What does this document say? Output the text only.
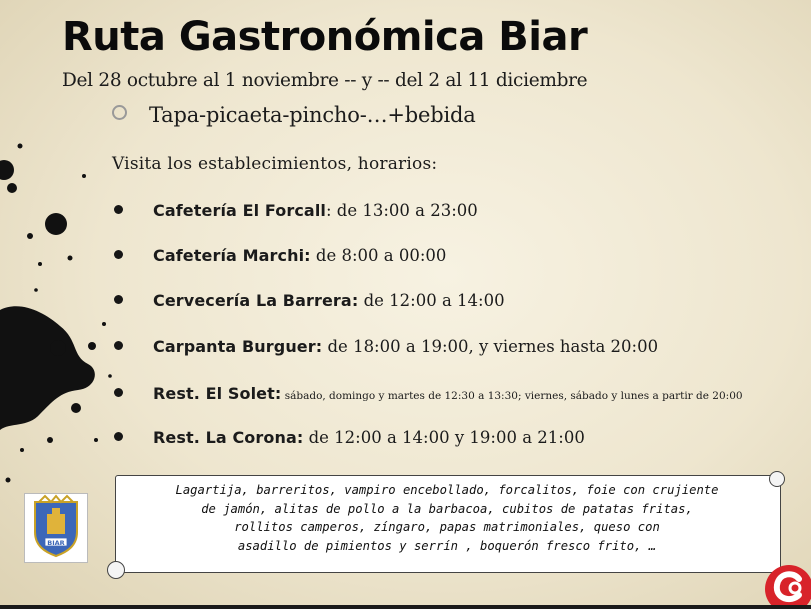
Ruta Gastronómica Biar
Del 28 octubre al 1 noviembre -- y -- del 2 al 11 diciembre
Tapa-picaeta-pincho-…+bebida
Visita los establecimientos, horarios:
Cafetería El Forcall: de 13:00 a 23:00
Cafetería Marchi: de 8:00 a 00:00
Cervecería La Barrera: de 12:00 a 14:00
Carpanta Burguer: de 18:00 a 19:00, y viernes hasta 20:00
Rest. El Solet: sábado, domingo y martes de 12:30 a 13:30; viernes, sábado y lunes a partir de 20:00
Rest. La Corona: de 12:00 a 14:00 y 19:00 a 21:00
Lagartija, barreritos, vampiro encebollado, forcalitos, foie con crujiente
de jamón, alitas de pollo a la barbacoa, cubitos de patatas fritas,
rollitos camperos, zíngaro, papas matrimoniales, queso con
asadillo de pimientos y serrín , boquerón fresco frito, …
BIAR
